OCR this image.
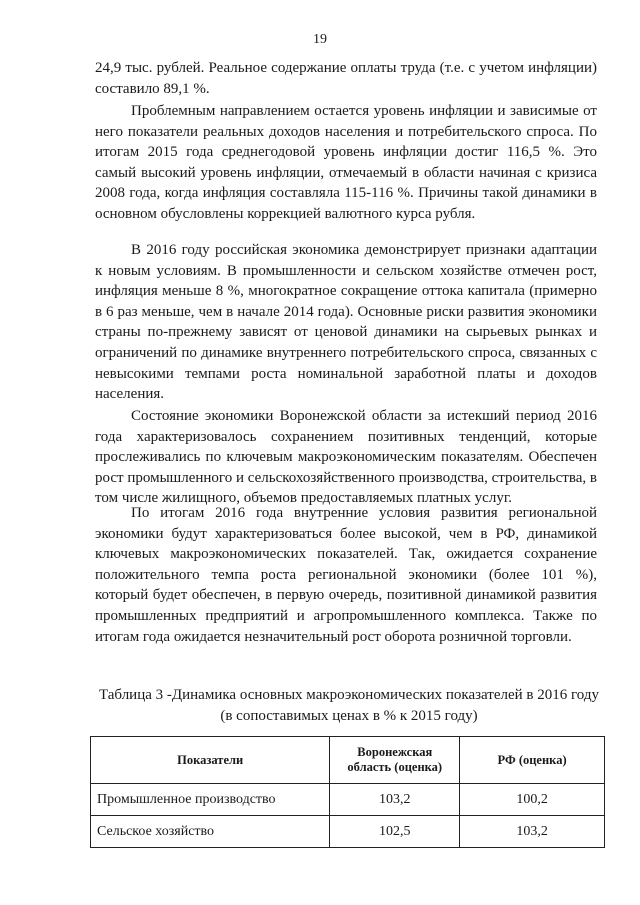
19

24,9 тыс. рублей. Реальное содержание оплаты труда (т.е. с учетом инфляции) составило 89,1 %.

Проблемным направлением остается уровень инфляции и зависимые от него показатели реальных доходов населения и потребительского спроса. По итогам 2015 года среднегодовой уровень инфляции достиг 116,5 %. Это самый высокий уровень инфляции, отмечаемый в области начиная с кризиса 2008 года, когда инфляция составляла 115-116 %. Причины такой динамики в основном обусловлены коррекцией валютного курса рубля.

В 2016 году российская экономика демонстрирует признаки адаптации к новым условиям. В промышленности и сельском хозяйстве отмечен рост, инфляция меньше 8 %, многократное сокращение оттока капитала (примерно в 6 раз меньше, чем в начале 2014 года). Основные риски развития экономики страны по-прежнему зависят от ценовой динамики на сырьевых рынках и ограничений по динамике внутреннего потребительского спроса, связанных с невысокими темпами роста номинальной заработной платы и доходов населения.

Состояние экономики Воронежской области за истекший период 2016 года характеризовалось сохранением позитивных тенденций, которые прослеживались по ключевым макроэкономическим показателям. Обеспечен рост промышленного и сельскохозяйственного производства, строительства, в том числе жилищного, объемов предоставляемых платных услуг.

По итогам 2016 года внутренние условия развития региональной экономики будут характеризоваться более высокой, чем в РФ, динамикой ключевых макроэкономических показателей. Так, ожидается сохранение положительного темпа роста региональной экономики (более 101 %), который будет обеспечен, в первую очередь, позитивной динамикой развития промышленных предприятий и агропромышленного комплекса. Также по итогам года ожидается незначительный рост оборота розничной торговли.

Таблица 3 -Динамика основных макроэкономических показателей в 2016 году
(в сопоставимых ценах в % к 2015 году)

Показатели	Воронежская область (оценка)	РФ (оценка)
Промышленное производство	103,2	100,2
Сельское хозяйство	102,5	103,2
